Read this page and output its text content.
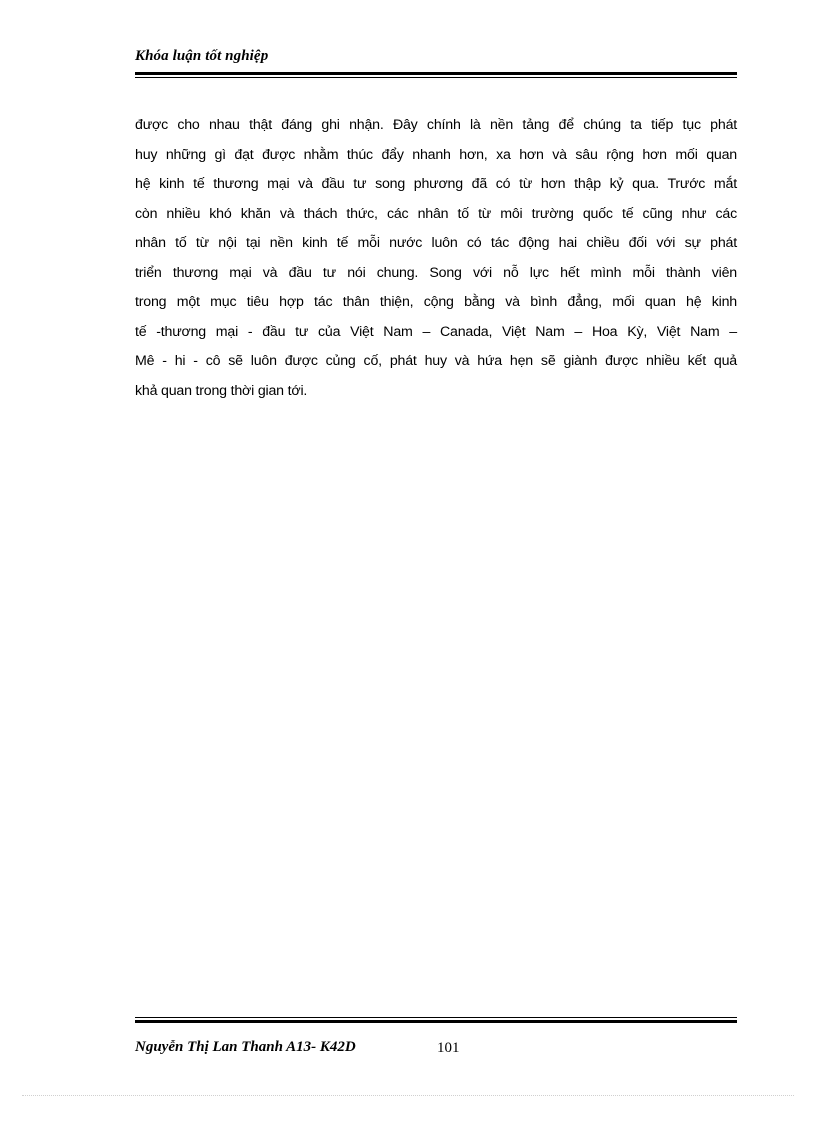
Khóa luận tốt nghiệp
được cho nhau thật đáng ghi nhận. Đây chính là nền tảng để chúng ta tiếp tục phát
huy những gì đạt được nhằm thúc đẩy nhanh hơn, xa hơn và sâu rộng hơn mối quan
hệ kinh tế thương mại và đầu tư song phương đã có từ hơn thập kỷ qua. Trước mắt
còn nhiều khó khăn và thách thức, các nhân tố từ môi trường quốc tế cũng như các
nhân tố từ nội tại nền kinh tế mỗi nước luôn có tác động hai chiều đối với sự phát
triển thương mại và đầu tư nói chung. Song với nỗ lực hết mình mỗi thành viên
trong một mục tiêu hợp tác thân thiện, cộng bằng và bình đẳng, mối quan hệ kinh
tế -thương mại - đầu tư của Việt Nam – Canada, Việt Nam – Hoa Kỳ, Việt Nam –
Mê - hi - cô sẽ luôn được củng cố, phát huy và hứa hẹn sẽ giành được nhiều kết quả
khả quan trong thời gian tới.
Nguyễn Thị Lan Thanh A13- K42D	101
